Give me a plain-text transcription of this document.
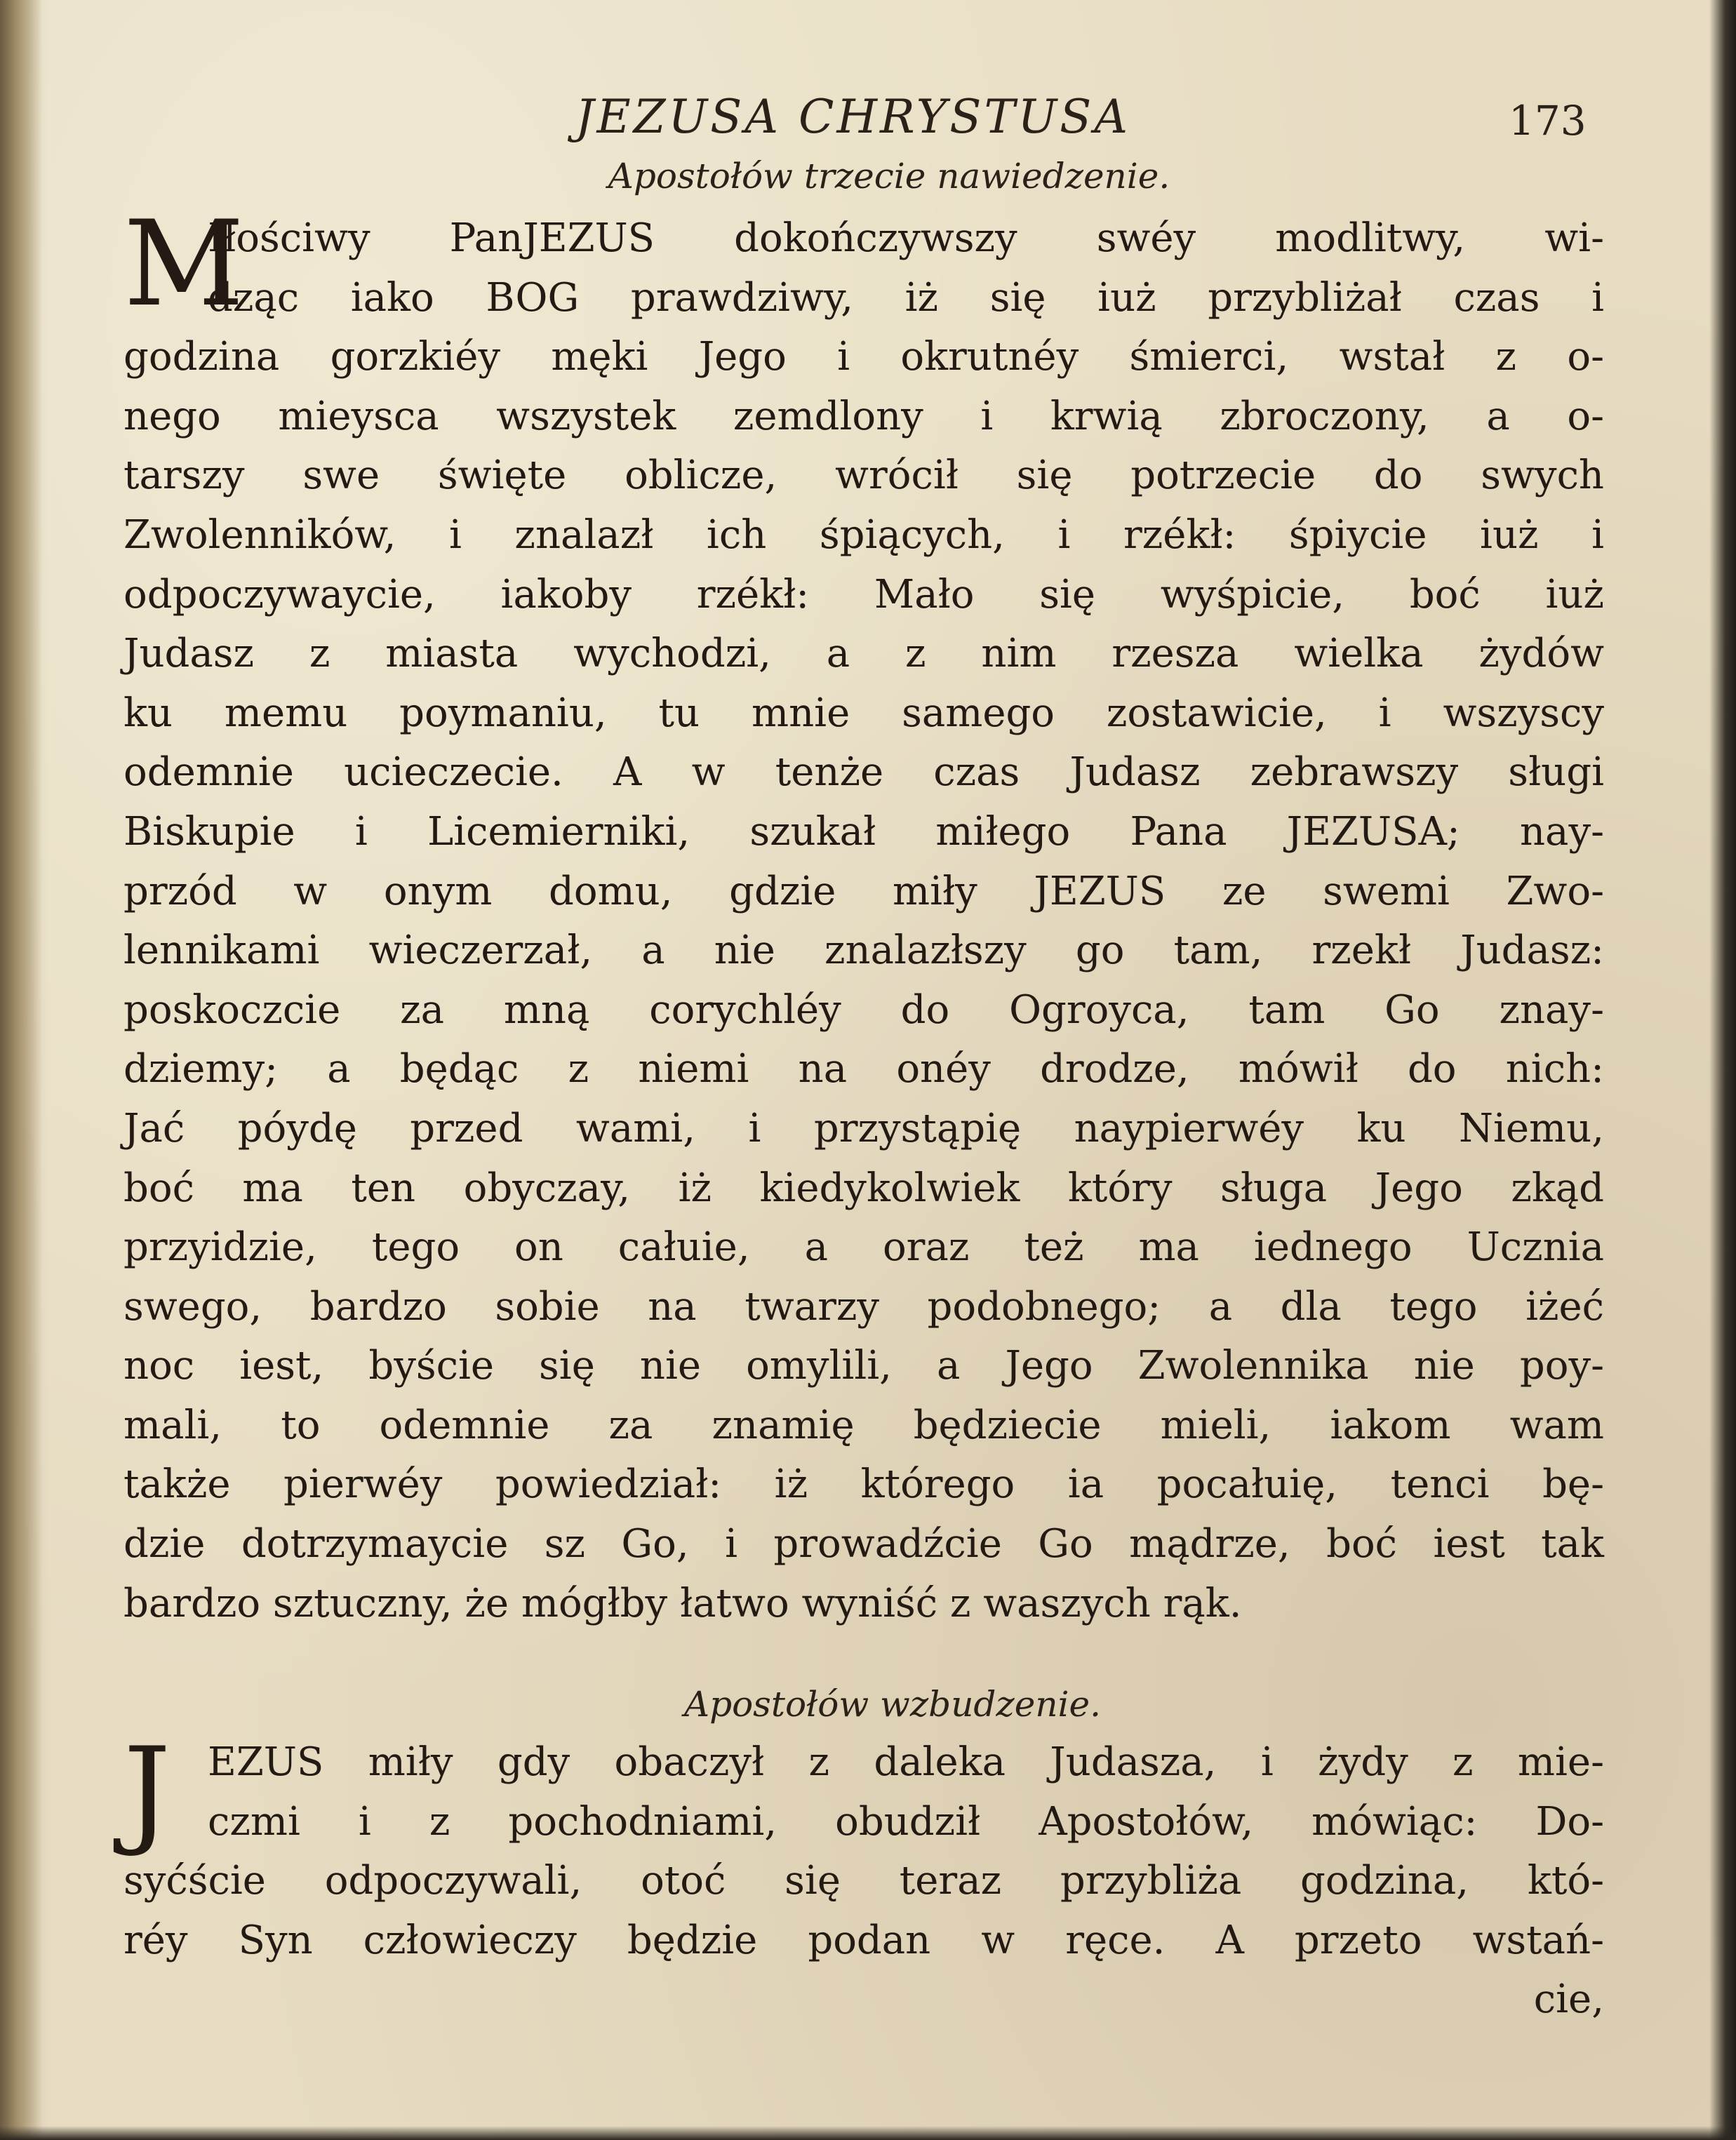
JEZUSA CHRYSTUSA	173
Apostołów trzecie nawiedzenie.
M
Iłościwy PanJEZUS dokończywszy swéy modlitwy, wi-
dząc iako BOG prawdziwy, iż się iuż przybliżał czas i
godzina gorzkiéy męki Jego i okrutnéy śmierci, wstał z o-
nego mieysca wszystek zemdlony i krwią zbroczony, a o-
tarszy swe święte oblicze, wrócił się potrzecie do swych
Zwolenników, i znalazł ich śpiących, i rzékł: śpiycie iuż i
odpoczywaycie, iakoby rzékł: Mało się wyśpicie, boć iuż
Judasz z miasta wychodzi, a z nim rzesza wielka żydów
ku memu poymaniu, tu mnie samego zostawicie, i wszyscy
odemnie ucieczecie. A w tenże czas Judasz zebrawszy sługi
Biskupie i Licemierniki, szukał miłego Pana JEZUSA; nay-
przód w onym domu, gdzie miły JEZUS ze swemi Zwo-
lennikami wieczerzał, a nie znalazłszy go tam, rzekł Judasz:
poskoczcie za mną corychléy do Ogroyca, tam Go znay-
dziemy; a będąc z niemi na onéy drodze, mówił do nich:
Jać póydę przed wami, i przystąpię naypierwéy ku Niemu,
boć ma ten obyczay, iż kiedykolwiek który sługa Jego zkąd
przyidzie, tego on całuie, a oraz też ma iednego Ucznia
swego, bardzo sobie na twarzy podobnego; a dla tego iżeć
noc iest, byście się nie omylili, a Jego Zwolennika nie poy-
mali, to odemnie za znamię będziecie mieli, iakom wam
także pierwéy powiedział: iż którego ia pocałuię, tenci bę-
dzie dotrzymaycie sz Go, i prowadźcie Go mądrze, boć iest tak
bardzo sztuczny, że mógłby łatwo wyniść z waszych rąk.
Apostołów wzbudzenie.
J EZUS miły gdy obaczył z daleka Judasza, i żydy z mie-
czmi i z pochodniami, obudził Apostołów, mówiąc: Do-
syćście odpoczywali, otoć się teraz przybliża godzina, któ-
réy Syn człowieczy będzie podan w ręce. A przeto wstań-
cie,
